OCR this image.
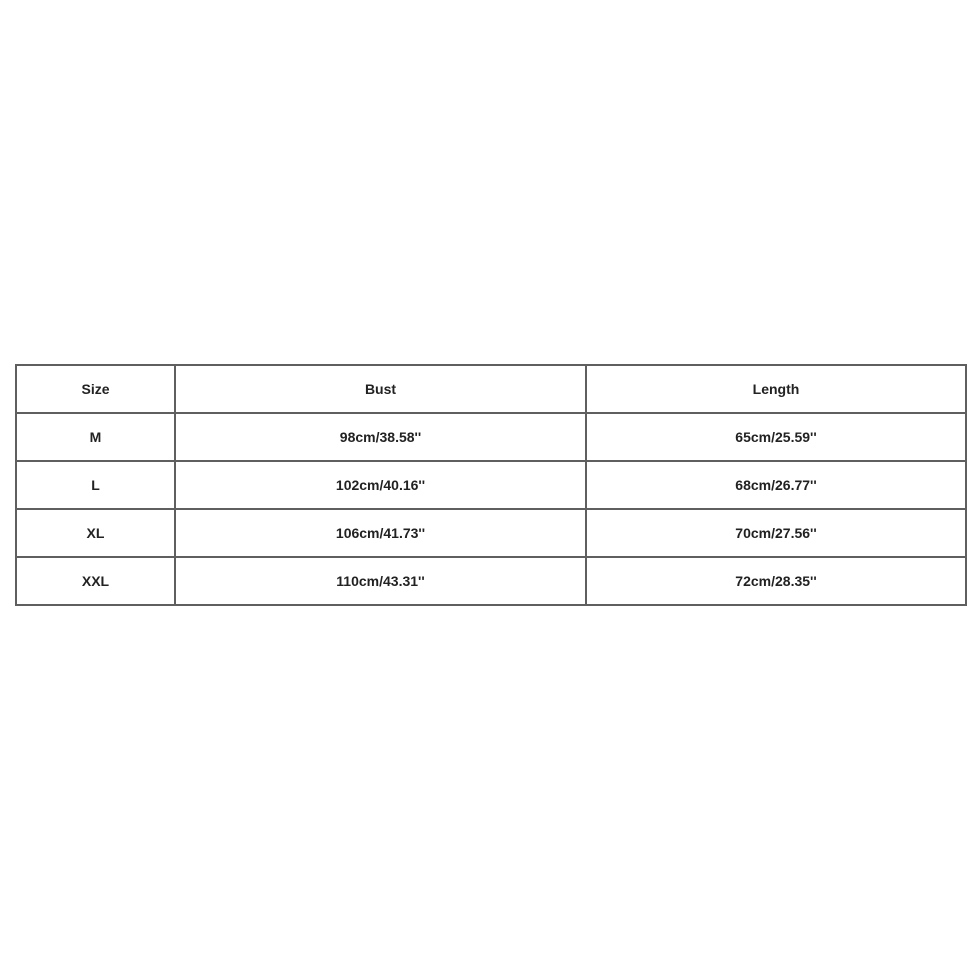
Size	Bust	Length
M	98cm/38.58''	65cm/25.59''
L	102cm/40.16''	68cm/26.77''
XL	106cm/41.73''	70cm/27.56''
XXL	110cm/43.31''	72cm/28.35''
